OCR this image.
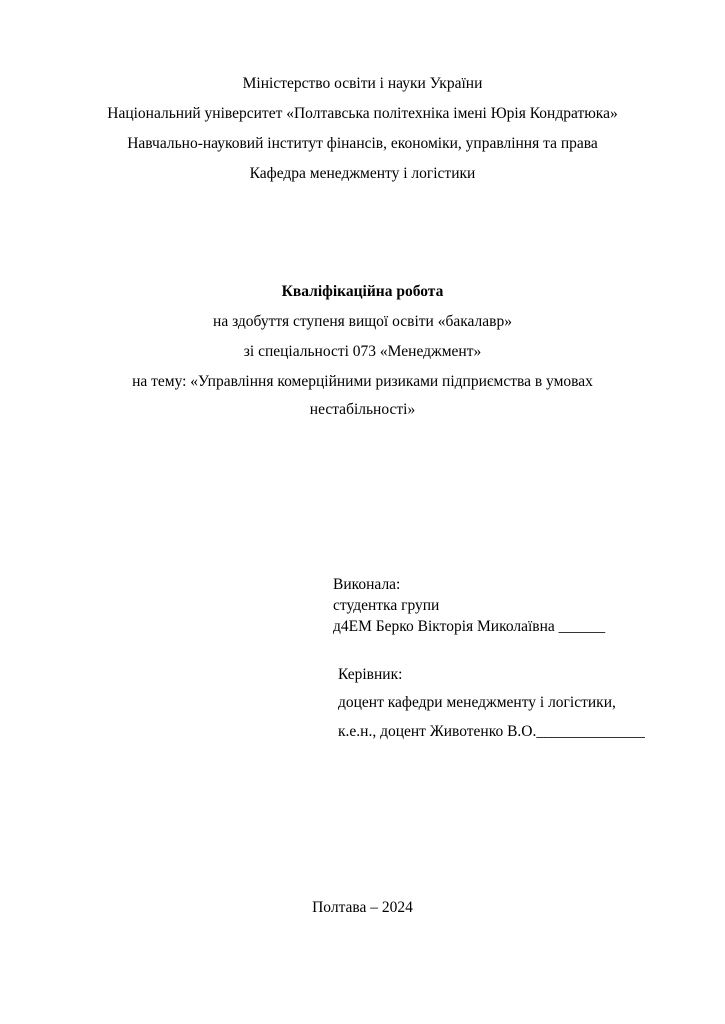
Міністерство освіти і науки України
Національний університет «Полтавська політехніка імені Юрія Кондратюка»
Навчально-науковий інститут фінансів, економіки, управління та права
Кафедра менеджменту і логістики
Кваліфікаційна робота
на здобуття ступеня вищої освіти «бакалавр»
зі спеціальності 073 «Менеджмент»
на тему: «Управління комерційними ризиками підприємства в умовах
нестабільності»
Виконала:
студентка групи
д4ЕМ Берко Вікторія Миколаївна ______
Керівник:
доцент кафедри менеджменту і логістики,
к.е.н., доцент Животенко В.О.______________
Полтава – 2024
